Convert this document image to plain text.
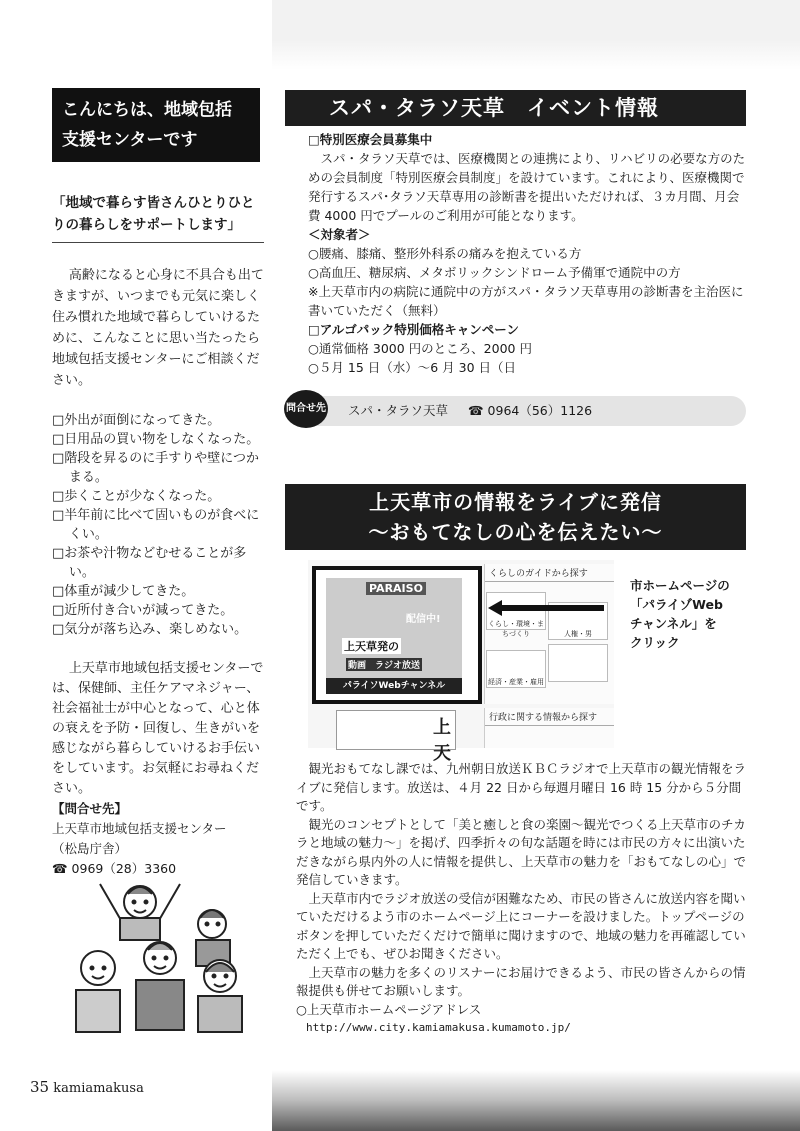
こんにちは、地域包括
支援センターです
「地域で暮らす皆さんひとりひと
りの暮らしをサポートします」

高齢になると心身に不具合も出てきますが、いつまでも元気に楽しく住み慣れた地域で暮らしていけるために、こんなことに思い当たったら地域包括支援センターにご相談ください。

□外出が面倒になってきた。
□日用品の買い物をしなくなった。
□階段を昇るのに手すりや壁につかまる。
□歩くことが少なくなった。
□半年前に比べて固いものが食べにくい。
□お茶や汁物などむせることが多い。
□体重が減少してきた。
□近所付き合いが減ってきた。
□気分が落ち込み、楽しめない。

上天草市地域包括支援センターでは、保健師、主任ケアマネジャー、社会福祉士が中心となって、心と体の衰えを予防・回復し、生きがいを感じながら暮らしていけるお手伝いをしています。お気軽にお尋ねください。

【問合せ先】
上天草市地域包括支援センター
（松島庁舎）
☎ 0969（28）3360
35 kamiamakusa
スパ・タラソ天草　イベント情報
□特別医療会員募集中
スパ・タラソ天草では、医療機関との連携により、リハビリの必要な方のための会員制度「特別医療会員制度」を設けています。これにより、医療機関で発行するスパ･タラソ天草専用の診断書を提出いただければ、３カ月間、月会費 4000 円でプールのご利用が可能となります。
＜対象者＞
○腰痛、膝痛、整形外科系の痛みを抱えている方
○高血圧、糖尿病、メタボリックシンドローム予備軍で通院中の方
※上天草市内の病院に通院中の方がスパ・タラソ天草専用の診断書を主治医に書いていただく（無料）
□アルゴパック特別価格キャンペーン
○通常価格 3000 円のところ、2000 円
○５月 15 日（水）～6 月 30 日（日
問合せ先 スパ・タラソ天草 ☎ 0964（56）1126
上天草市の情報をライブに発信
～おもてなしの心を伝えたい～
PARAISO
上天草発の
動画　ラジオ放送
配信中!
パライソWebチャンネル
くらしのガイドから探す
くらし・環境・まちづくり	人権・男 経済・産業・雇用
上天
行政に関する情報から探す
市ホームページの
「パライゾWeb
チャンネル」を
クリック

観光おもてなし課では、九州朝日放送ＫＢＣラジオで上天草市の観光情報をライブに発信します。放送は、４月 22 日から毎週月曜日 16 時 15 分から５分間です。

観光のコンセプトとして「美と癒しと食の楽園～観光でつくる上天草市のチカラと地域の魅力～」を掲げ、四季折々の旬な話題を時には市民の方々に出演いただきながら県内外の人に情報を提供し、上天草市の魅力を「おもてなしの心」で発信していきます。

上天草市内でラジオ放送の受信が困難なため、市民の皆さんに放送内容を聞いていただけるよう市のホームページ上にコーナーを設けました。トップページのボタンを押していただくだけで簡単に聞けますので、地域の魅力を再確認していただく上でも、ぜひお聞きください。

上天草市の魅力を多くのリスナーにお届けできるよう、市民の皆さんからの情報提供も併せてお願いします。

○上天草市ホームページアドレス
http://www.city.kamiamakusa.kumamoto.jp/
